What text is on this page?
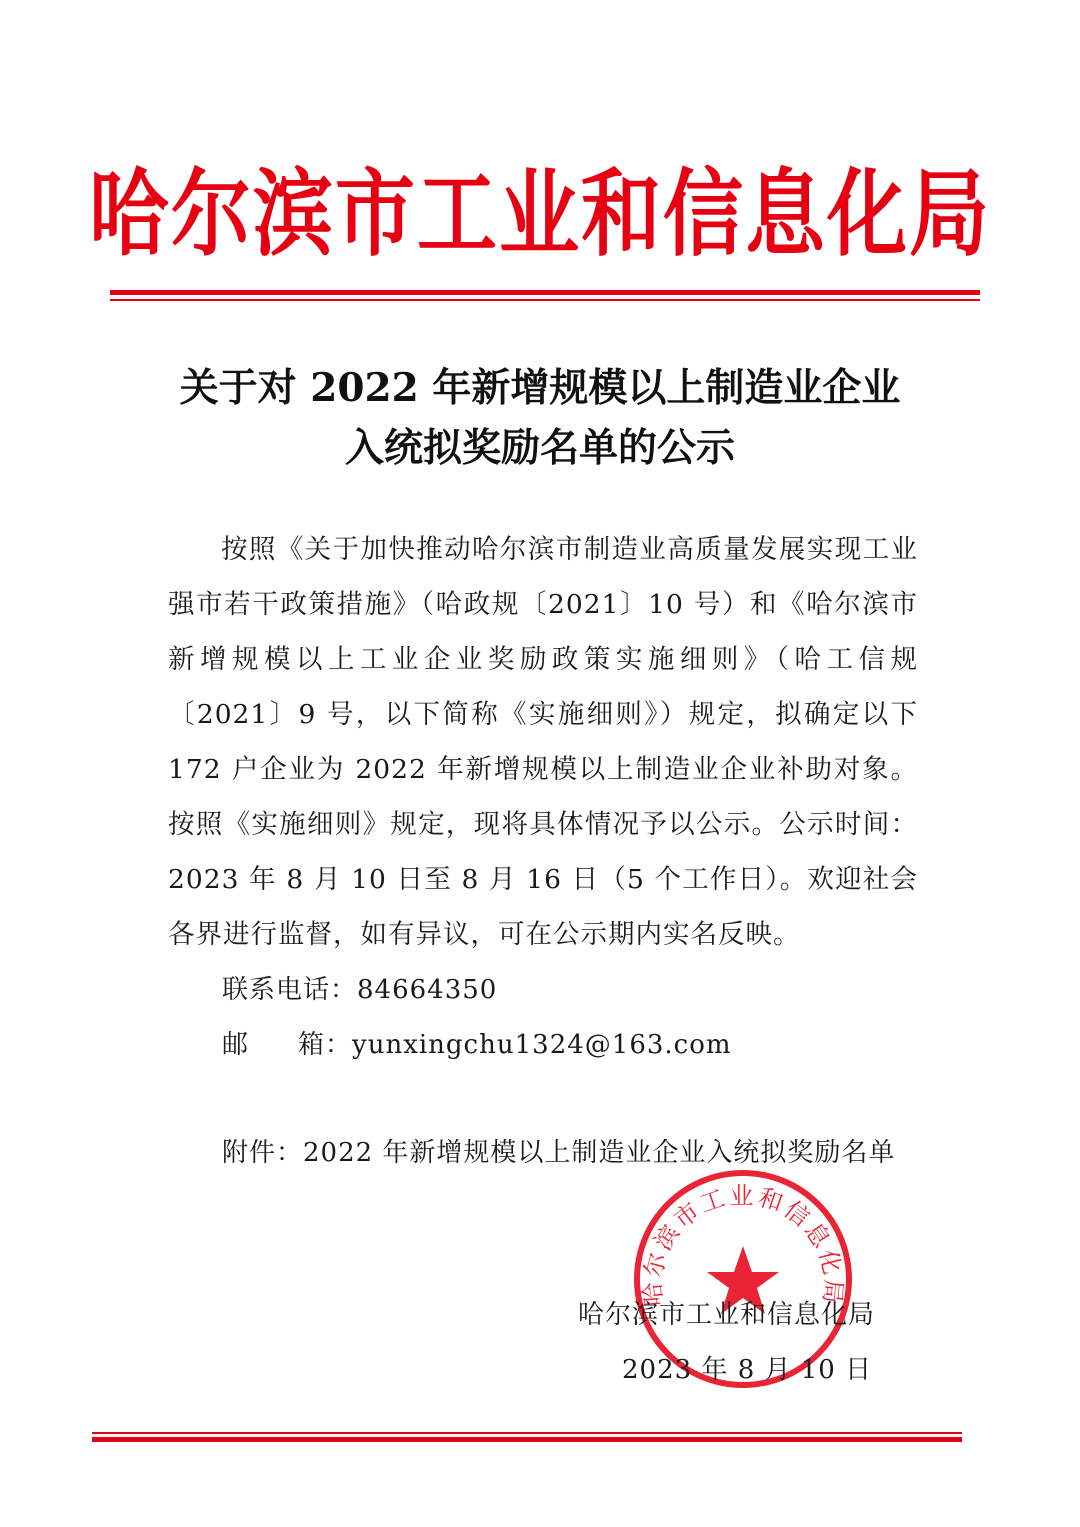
哈尔滨市工业和信息化局
关于对 2022 年新增规模以上制造业企业
入统拟奖励名单的公示
按照《关于加快推动哈尔滨市制造业高质量发展实现工业强市若干政策措施》（哈政规〔2021〕10 号）和《哈尔滨市新增规模以上工业企业奖励政策实施细则》（哈工信规〔2021〕9 号，以下简称《实施细则》）规定，拟确定以下 172 户企业为 2022 年新增规模以上制造业企业补助对象。按照《实施细则》规定，现将具体情况予以公示。公示时间：2023 年 8 月 10 日至 8 月 16 日（5 个工作日）。欢迎社会各界进行监督，如有异议，可在公示期内实名反映。
联系电话：84664350
邮 箱：yunxingchu1324@163.com
附件：2022 年新增规模以上制造业企业入统拟奖励名单
哈尔滨市工业和信息化局
哈尔滨市工业和信息化局
2023 年 8 月 10 日
